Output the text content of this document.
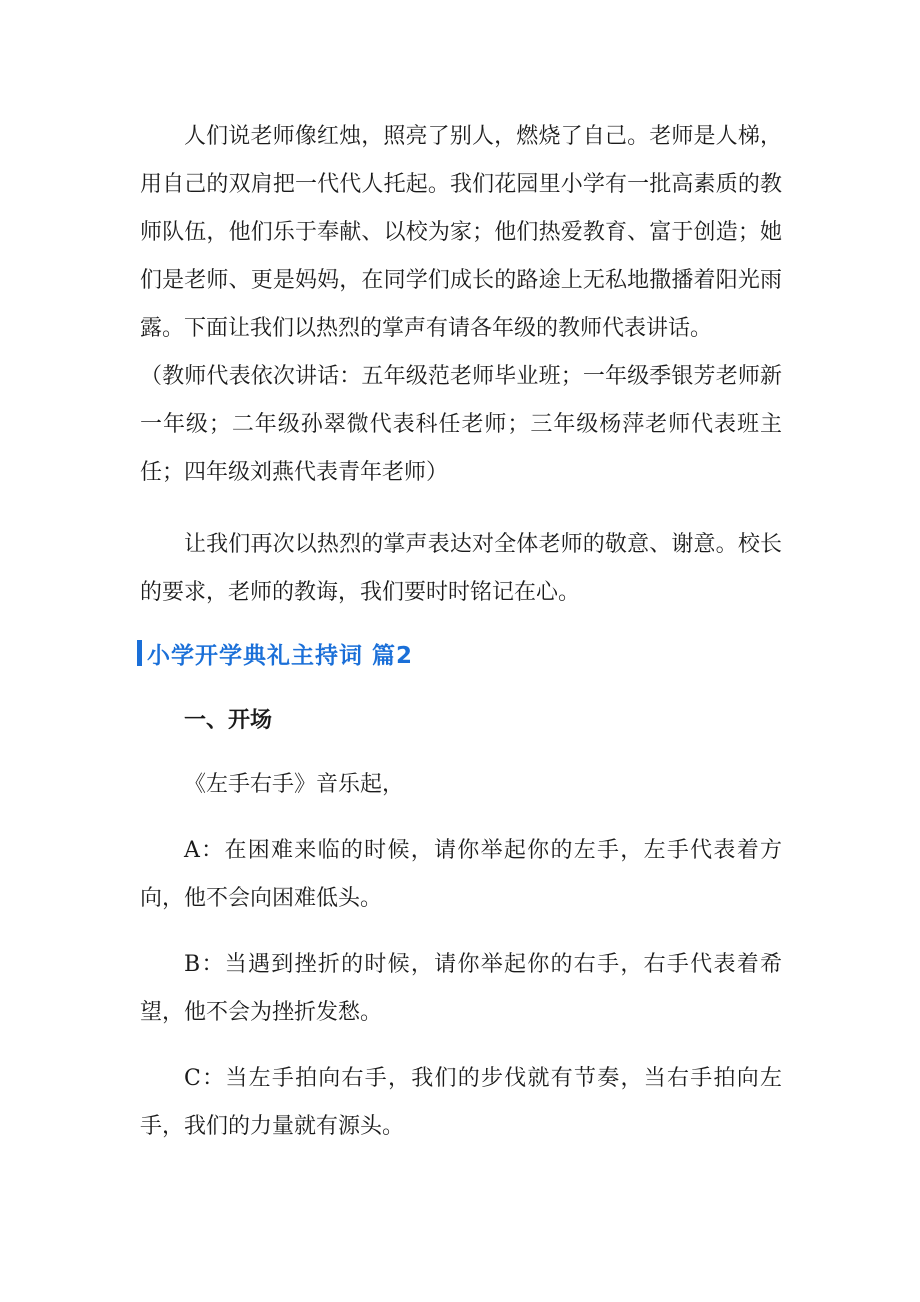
人们说老师像红烛，照亮了别人，燃烧了自己。老师是人梯，用自己的双肩把一代代人托起。我们花园里小学有一批高素质的教师队伍，他们乐于奉献、以校为家；他们热爱教育、富于创造；她们是老师、更是妈妈，在同学们成长的路途上无私地撒播着阳光雨露。下面让我们以热烈的掌声有请各年级的教师代表讲话。

（教师代表依次讲话：五年级范老师毕业班；一年级季银芳老师新一年级；二年级孙翠微代表科任老师；三年级杨萍老师代表班主任；四年级刘燕代表青年老师）

让我们再次以热烈的掌声表达对全体老师的敬意、谢意。校长的要求，老师的教诲，我们要时时铭记在心。

小学开学典礼主持词 篇2
一、开场

《左手右手》音乐起，

A：在困难来临的时候，请你举起你的左手，左手代表着方向，他不会向困难低头。

B：当遇到挫折的时候，请你举起你的右手，右手代表着希望，他不会为挫折发愁。

C：当左手拍向右手，我们的步伐就有节奏，当右手拍向左手，我们的力量就有源头。
